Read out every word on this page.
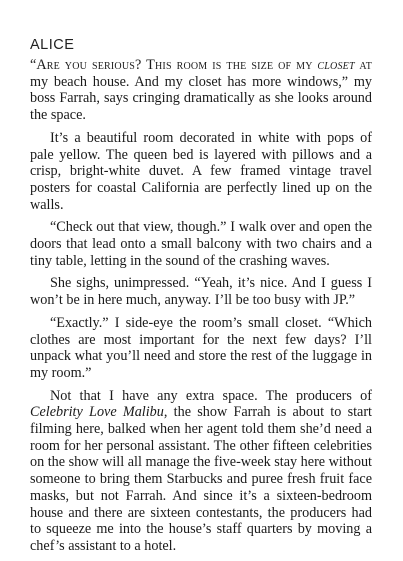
ALICE

“Are you serious? This room is the size of my closet at my beach house. And my closet has more windows,” my boss Farrah, says cringing dramatically as she looks around the space.

It’s a beautiful room decorated in white with pops of pale yellow. The queen bed is layered with pillows and a crisp, bright-white duvet. A few framed vintage travel posters for coastal California are perfectly lined up on the walls.

“Check out that view, though.” I walk over and open the doors that lead onto a small balcony with two chairs and a tiny table, letting in the sound of the crashing waves.

She sighs, unimpressed. “Yeah, it’s nice. And I guess I won’t be in here much, anyway. I’ll be too busy with JP.”

“Exactly.” I side-eye the room’s small closet. “Which clothes are most important for the next few days? I’ll unpack what you’ll need and store the rest of the luggage in my room.”

Not that I have any extra space. The producers of Celebrity Love Malibu, the show Farrah is about to start filming here, balked when her agent told them she’d need a room for her personal assistant. The other fifteen celebrities on the show will all manage the five-week stay here without someone to bring them Starbucks and puree fresh fruit face masks, but not Farrah. And since it’s a sixteen-bedroom house and there are sixteen contestants, the producers had to squeeze me into the house’s staff quarters by moving a chef’s assistant to a hotel.
